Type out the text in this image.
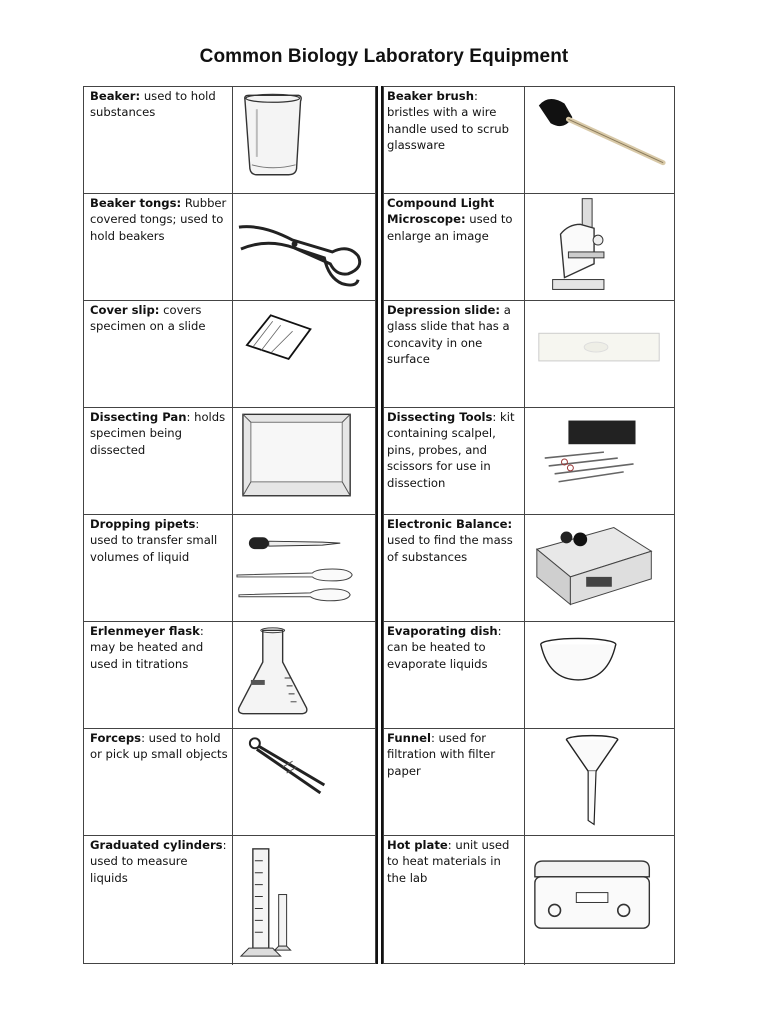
Common Biology Laboratory Equipment
Beaker: used to hold substances
Beaker tongs: Rubber covered tongs; used to hold beakers
Cover slip: covers specimen on a slide
Dissecting Pan: holds specimen being dissected
Dropping pipets: used to transfer small volumes of liquid
Erlenmeyer flask: may be heated and used in titrations
Forceps: used to hold or pick up small objects
Graduated cylinders: used to measure liquids
Beaker brush: bristles with a wire handle used to scrub glassware
Compound Light Microscope: used to enlarge an image
Depression slide: a glass slide that has a concavity in one surface
Dissecting Tools: kit containing scalpel, pins, probes, and scissors for use in dissection
Electronic Balance: used to find the mass of substances
Evaporating dish: can be heated to evaporate liquids
Funnel: used for filtration with filter paper
Hot plate: unit used to heat materials in the lab
